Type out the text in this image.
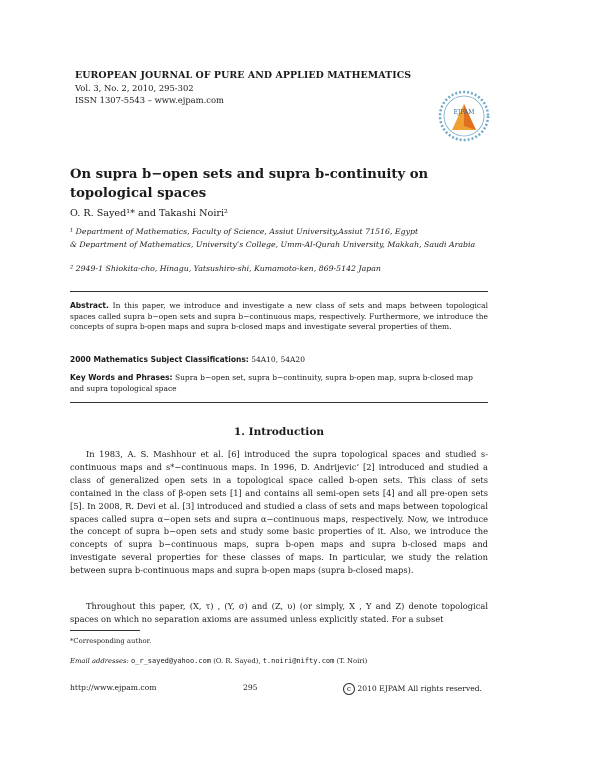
EUROPEAN JOURNAL OF PURE AND APPLIED MATHEMATICS
Vol. 3, No. 2, 2010, 295-302
ISSN 1307-5543 – www.ejpam.com
EJPAM
On supra b−open sets and supra b-continuity on topological spaces
O. R. Sayed¹* and Takashi Noiri²
¹ Department of Mathematics, Faculty of Science, Assiut University,Assiut 71516, Egypt
& Department of Mathematics, University’s College, Umm-Al-Qurah University, Makkah, Saudi Arabia
² 2949-1 Shiokita-cho, Hinagu, Yatsushiro-shi, Kumamoto-ken, 869-5142 Japan
Abstract. In this paper, we introduce and investigate a new class of sets and maps between topological spaces called supra b−open sets and supra b−continuous maps, respectively. Furthermore, we introduce the concepts of supra b-open maps and supra b-closed maps and investigate several properties of them.
2000 Mathematics Subject Classifications: 54A10, 54A20
Key Words and Phrases: Supra b−open set, supra b−continuity, supra b-open map, supra b-closed map and supra topological space
1. Introduction
In 1983, A. S. Mashhour et al. [6] introduced the supra topological spaces and studied s-continuous maps and s*−continuous maps. In 1996, D. Andrijevic’ [2] introduced and studied a class of generalized open sets in a topological space called b-open sets. This class of sets contained in the class of β-open sets [1] and contains all semi-open sets [4] and all pre-open sets [5]. In 2008, R. Devi et al. [3] introduced and studied a class of sets and maps between topological spaces called supra α−open sets and supra α−continuous maps, respectively. Now, we introduce the concept of supra b−open sets and study some basic properties of it. Also, we introduce the concepts of supra b−continuous maps, supra b-open maps and supra b-closed maps and investigate several properties for these classes of maps. In particular, we study the relation between supra b-continuous maps and supra b-open maps (supra b-closed maps).
Throughout this paper, (X, τ) , (Y, σ) and (Z, υ) (or simply, X , Y and Z) denote topological spaces on which no separation axioms are assumed unless explicitly stated. For a subset
*Corresponding author.
Email addresses: o_r_sayed@yahoo.com (O. R. Sayed), t.noiri@nifty.com (T. Noiri)
http://www.ejpam.com	295	c 2010 EJPAM All rights reserved.
